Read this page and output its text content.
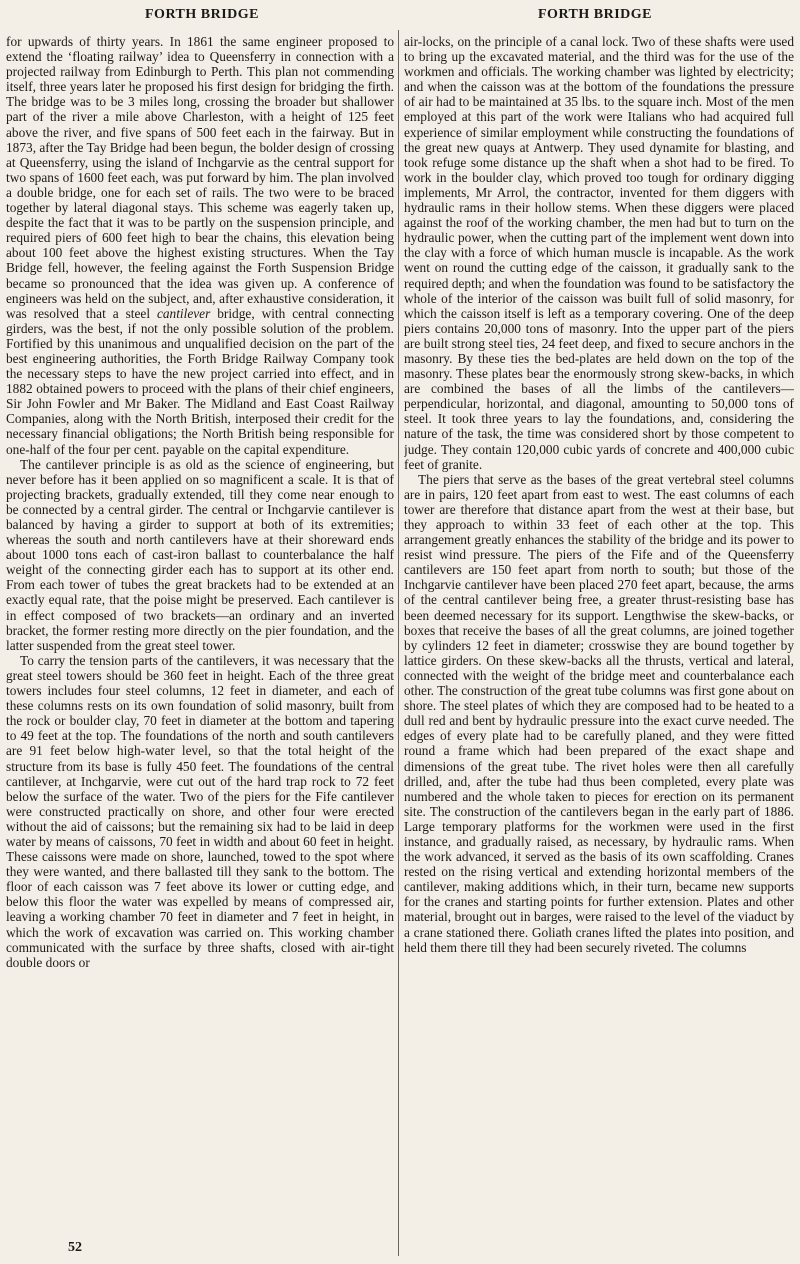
FORTH BRIDGE	FORTH BRIDGE

for upwards of thirty years. In 1861 the same engineer proposed to extend the ‘floating railway’ idea to Queensferry in connection with a projected railway from Edinburgh to Perth. This plan not commending itself, three years later he proposed his first design for bridging the firth. The bridge was to be 3 miles long, crossing the broader but shallower part of the river a mile above Charleston, with a height of 125 feet above the river, and five spans of 500 feet each in the fairway. But in 1873, after the Tay Bridge had been begun, the bolder design of crossing at Queensferry, using the island of Inchgarvie as the central support for two spans of 1600 feet each, was put forward by him. The plan involved a double bridge, one for each set of rails. The two were to be braced together by lateral diagonal stays. This scheme was eagerly taken up, despite the fact that it was to be partly on the suspension principle, and required piers of 600 feet high to bear the chains, this elevation being about 100 feet above the highest existing structures. When the Tay Bridge fell, however, the feeling against the Forth Suspension Bridge became so pronounced that the idea was given up. A conference of engineers was held on the subject, and, after exhaustive consideration, it was resolved that a steel cantilever bridge, with central connecting girders, was the best, if not the only possible solution of the problem. Fortified by this unanimous and unqualified decision on the part of the best engineering authorities, the Forth Bridge Railway Company took the necessary steps to have the new project carried into effect, and in 1882 obtained powers to proceed with the plans of their chief engineers, Sir John Fowler and Mr Baker. The Midland and East Coast Railway Companies, along with the North British, interposed their credit for the necessary financial obligations; the North British being responsible for one-half of the four per cent. payable on the capital expenditure.

The cantilever principle is as old as the science of engineering, but never before has it been applied on so magnificent a scale. It is that of projecting brackets, gradually extended, till they come near enough to be connected by a central girder. The central or Inchgarvie cantilever is balanced by having a girder to support at both of its extremities; whereas the south and north cantilevers have at their shoreward ends about 1000 tons each of cast-iron ballast to counterbalance the half weight of the connecting girder each has to support at its other end. From each tower of tubes the great brackets had to be extended at an exactly equal rate, that the poise might be preserved. Each cantilever is in effect composed of two brackets—an ordinary and an inverted bracket, the former resting more directly on the pier foundation, and the latter suspended from the great steel tower.

To carry the tension parts of the cantilevers, it was necessary that the great steel towers should be 360 feet in height. Each of the three great towers includes four steel columns, 12 feet in diameter, and each of these columns rests on its own foundation of solid masonry, built from the rock or boulder clay, 70 feet in diameter at the bottom and tapering to 49 feet at the top. The foundations of the north and south cantilevers are 91 feet below high-water level, so that the total height of the structure from its base is fully 450 feet. The foundations of the central cantilever, at Inchgarvie, were cut out of the hard trap rock to 72 feet below the surface of the water. Two of the piers for the Fife cantilever were constructed practically on shore, and other four were erected without the aid of caissons; but the remaining six had to be laid in deep water by means of caissons, 70 feet in width and about 60 feet in height. These caissons were made on shore, launched, towed to the spot where they were wanted, and there ballasted till they sank to the bottom. The floor of each caisson was 7 feet above its lower or cutting edge, and below this floor the water was expelled by means of compressed air, leaving a working chamber 70 feet in diameter and 7 feet in height, in which the work of excavation was carried on. This working chamber communicated with the surface by three shafts, closed with air-tight double doors or

air-locks, on the principle of a canal lock. Two of these shafts were used to bring up the excavated material, and the third was for the use of the workmen and officials. The working chamber was lighted by electricity; and when the caisson was at the bottom of the foundations the pressure of air had to be maintained at 35 lbs. to the square inch. Most of the men employed at this part of the work were Italians who had acquired full experience of similar employment while constructing the foundations of the great new quays at Antwerp. They used dynamite for blasting, and took refuge some distance up the shaft when a shot had to be fired. To work in the boulder clay, which proved too tough for ordinary digging implements, Mr Arrol, the contractor, invented for them diggers with hydraulic rams in their hollow stems. When these diggers were placed against the roof of the working chamber, the men had but to turn on the hydraulic power, when the cutting part of the implement went down into the clay with a force of which human muscle is incapable. As the work went on round the cutting edge of the caisson, it gradually sank to the required depth; and when the foundation was found to be satisfactory the whole of the interior of the caisson was built full of solid masonry, for which the caisson itself is left as a temporary covering. One of the deep piers contains 20,000 tons of masonry. Into the upper part of the piers are built strong steel ties, 24 feet deep, and fixed to secure anchors in the masonry. By these ties the bed-plates are held down on the top of the masonry. These plates bear the enormously strong skew-backs, in which are combined the bases of all the limbs of the cantilevers—perpendicular, horizontal, and diagonal, amounting to 50,000 tons of steel. It took three years to lay the foundations, and, considering the nature of the task, the time was considered short by those competent to judge. They contain 120,000 cubic yards of concrete and 400,000 cubic feet of granite.

The piers that serve as the bases of the great vertebral steel columns are in pairs, 120 feet apart from east to west. The east columns of each tower are therefore that distance apart from the west at their base, but they approach to within 33 feet of each other at the top. This arrangement greatly enhances the stability of the bridge and its power to resist wind pressure. The piers of the Fife and of the Queensferry cantilevers are 150 feet apart from north to south; but those of the Inchgarvie cantilever have been placed 270 feet apart, because, the arms of the central cantilever being free, a greater thrust-resisting base has been deemed necessary for its support. Lengthwise the skew-backs, or boxes that receive the bases of all the great columns, are joined together by cylinders 12 feet in diameter; crosswise they are bound together by lattice girders. On these skew-backs all the thrusts, vertical and lateral, connected with the weight of the bridge meet and counterbalance each other. The construction of the great tube columns was first gone about on shore. The steel plates of which they are composed had to be heated to a dull red and bent by hydraulic pressure into the exact curve needed. The edges of every plate had to be carefully planed, and they were fitted round a frame which had been prepared of the exact shape and dimensions of the great tube. The rivet holes were then all carefully drilled, and, after the tube had thus been completed, every plate was numbered and the whole taken to pieces for erection on its permanent site. The construction of the cantilevers began in the early part of 1886. Large temporary platforms for the workmen were used in the first instance, and gradually raised, as necessary, by hydraulic rams. When the work advanced, it served as the basis of its own scaffolding. Cranes rested on the rising vertical and extending horizontal members of the cantilever, making additions which, in their turn, became new supports for the cranes and starting points for further extension. Plates and other material, brought out in barges, were raised to the level of the viaduct by a crane stationed there. Goliath cranes lifted the plates into position, and held them there till they had been securely riveted. The columns

52
